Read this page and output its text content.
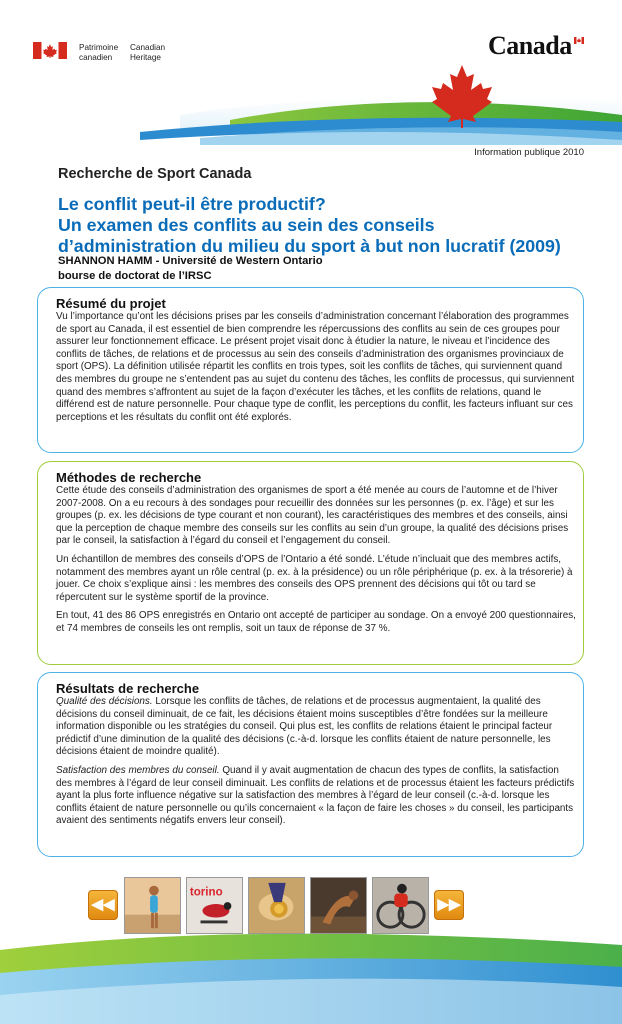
Patrimoine
canadien
Canadian
Heritage	Canada
Information publique 2010
Recherche de Sport Canada
Le conflit peut-il être productif?
Un examen des conflits au sein des conseils
d’administration du milieu du sport à but non lucratif (2009)
SHANNON HAMM - Université de Western Ontario
bourse de doctorat de l’IRSC
Résumé du projet

Vu l’importance qu’ont les décisions prises par les conseils d’administration concernant l’élaboration des programmes de sport au Canada, il est essentiel de bien comprendre les répercussions des conflits au sein de ces groupes pour assurer leur fonctionnement efficace. Le présent projet visait donc à étudier la nature, le niveau et l’incidence des conflits de tâches, de relations et de processus au sein des conseils d’administration des organismes provinciaux de sport (OPS). La définition utilisée répartit les conflits en trois types, soit les conflits de tâches, qui surviennent quand des membres du groupe ne s’entendent pas au sujet du contenu des tâches, les conflits de processus, qui surviennent quand des membres s’affrontent au sujet de la façon d’exécuter les tâches, et les conflits de relations, quand le différend est de nature personnelle. Pour chaque type de conflit, les perceptions du conflit, les facteurs influant sur ces perceptions et les résultats du conflit ont été explorés.

Méthodes de recherche

Cette étude des conseils d’administration des organismes de sport a été menée au cours de l’automne et de l’hiver 2007-2008. On a eu recours à des sondages pour recueillir des données sur les personnes (p. ex. l’âge) et sur les groupes (p. ex. les décisions de type courant et non courant), les caractéristiques des membres et des conseils, ainsi que la perception de chaque membre des conseils sur les conflits au sein d’un groupe, la qualité des décisions prises par le conseil, la satisfaction à l’égard du conseil et l’engagement du conseil.

Un échantillon de membres des conseils d’OPS de l’Ontario a été sondé. L’étude n’incluait que des membres actifs, notamment des membres ayant un rôle central (p. ex. à la présidence) ou un rôle périphérique (p. ex. à la trésorerie) à jouer. Ce choix s’explique ainsi : les membres des conseils des OPS prennent des décisions qui tôt ou tard se répercutent sur le système sportif de la province.

En tout, 41 des 86 OPS enregistrés en Ontario ont accepté de participer au sondage. On a envoyé 200 questionnaires, et 74 membres de conseils les ont remplis, soit un taux de réponse de 37 %.

Résultats de recherche

Qualité des décisions. Lorsque les conflits de tâches, de relations et de processus augmentaient, la qualité des décisions du conseil diminuait, de ce fait, les décisions étaient moins susceptibles d’être fondées sur la meilleure information disponible ou les stratégies du conseil. Qui plus est, les conflits de relations étaient le principal facteur prédictif d’une diminution de la qualité des décisions (c.-à-d. lorsque les conflits étaient de nature personnelle, les décisions étaient de moindre qualité).

Satisfaction des membres du conseil. Quand il y avait augmentation de chacun des types de conflits, la satisfaction des membres à l’égard de leur conseil diminuait. Les conflits de relations et de processus étaient les facteurs prédictifs ayant la plus forte influence négative sur la satisfaction des membres à l’égard de leur conseil (c.-à-d. lorsque les conflits étaient de nature personnelle ou qu’ils concernaient « la façon de faire les choses » du conseil, les participants avaient des sentiments négatifs envers leur conseil).

◀◀
torino
▶▶
